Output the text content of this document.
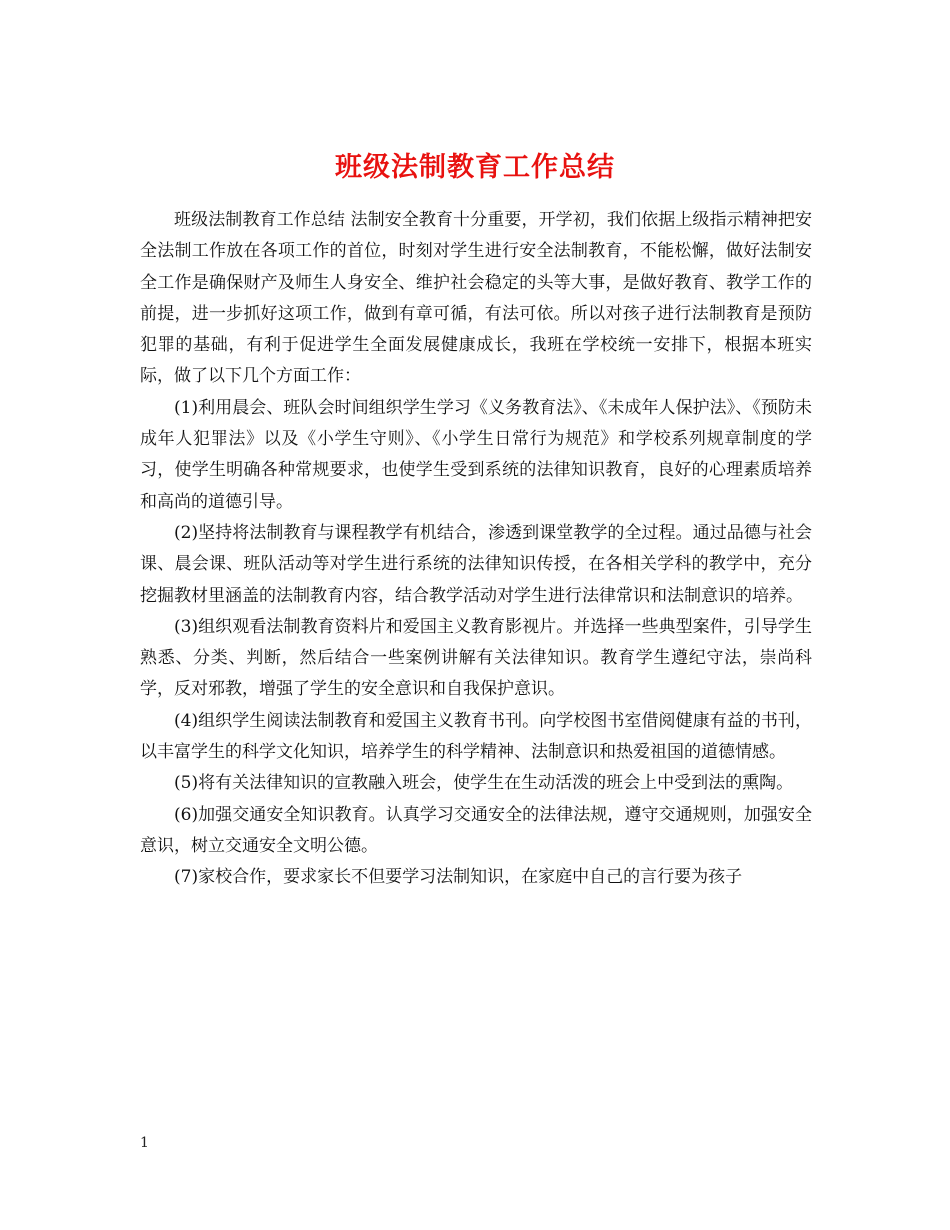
班级法制教育工作总结

班级法制教育工作总结 法制安全教育十分重要，开学初，我们依据上级指示精神把安全法制工作放在各项工作的首位，时刻对学生进行安全法制教育，不能松懈，做好法制安全工作是确保财产及师生人身安全、维护社会稳定的头等大事，是做好教育、教学工作的前提，进一步抓好这项工作，做到有章可循，有法可依。所以对孩子进行法制教育是预防犯罪的基础，有利于促进学生全面发展健康成长，我班在学校统一安排下，根据本班实际，做了以下几个方面工作：

(1)利用晨会、班队会时间组织学生学习《义务教育法》、《未成年人保护法》、《预防未成年人犯罪法》以及《小学生守则》、《小学生日常行为规范》和学校系列规章制度的学习，使学生明确各种常规要求，也使学生受到系统的法律知识教育，良好的心理素质培养和高尚的道德引导。

(2)坚持将法制教育与课程教学有机结合，渗透到课堂教学的全过程。通过品德与社会课、晨会课、班队活动等对学生进行系统的法律知识传授，在各相关学科的教学中，充分挖掘教材里涵盖的法制教育内容，结合教学活动对学生进行法律常识和法制意识的培养。

(3)组织观看法制教育资料片和爱国主义教育影视片。并选择一些典型案件，引导学生熟悉、分类、判断，然后结合一些案例讲解有关法律知识。教育学生遵纪守法，崇尚科学，反对邪教，增强了学生的安全意识和自我保护意识。

(4)组织学生阅读法制教育和爱国主义教育书刊。向学校图书室借阅健康有益的书刊，以丰富学生的科学文化知识，培养学生的科学精神、法制意识和热爱祖国的道德情感。

(5)将有关法律知识的宣教融入班会，使学生在生动活泼的班会上中受到法的熏陶。

(6)加强交通安全知识教育。认真学习交通安全的法律法规，遵守交通规则，加强安全意识，树立交通安全文明公德。

(7)家校合作，要求家长不但要学习法制知识，在家庭中自己的言行要为孩子

1
